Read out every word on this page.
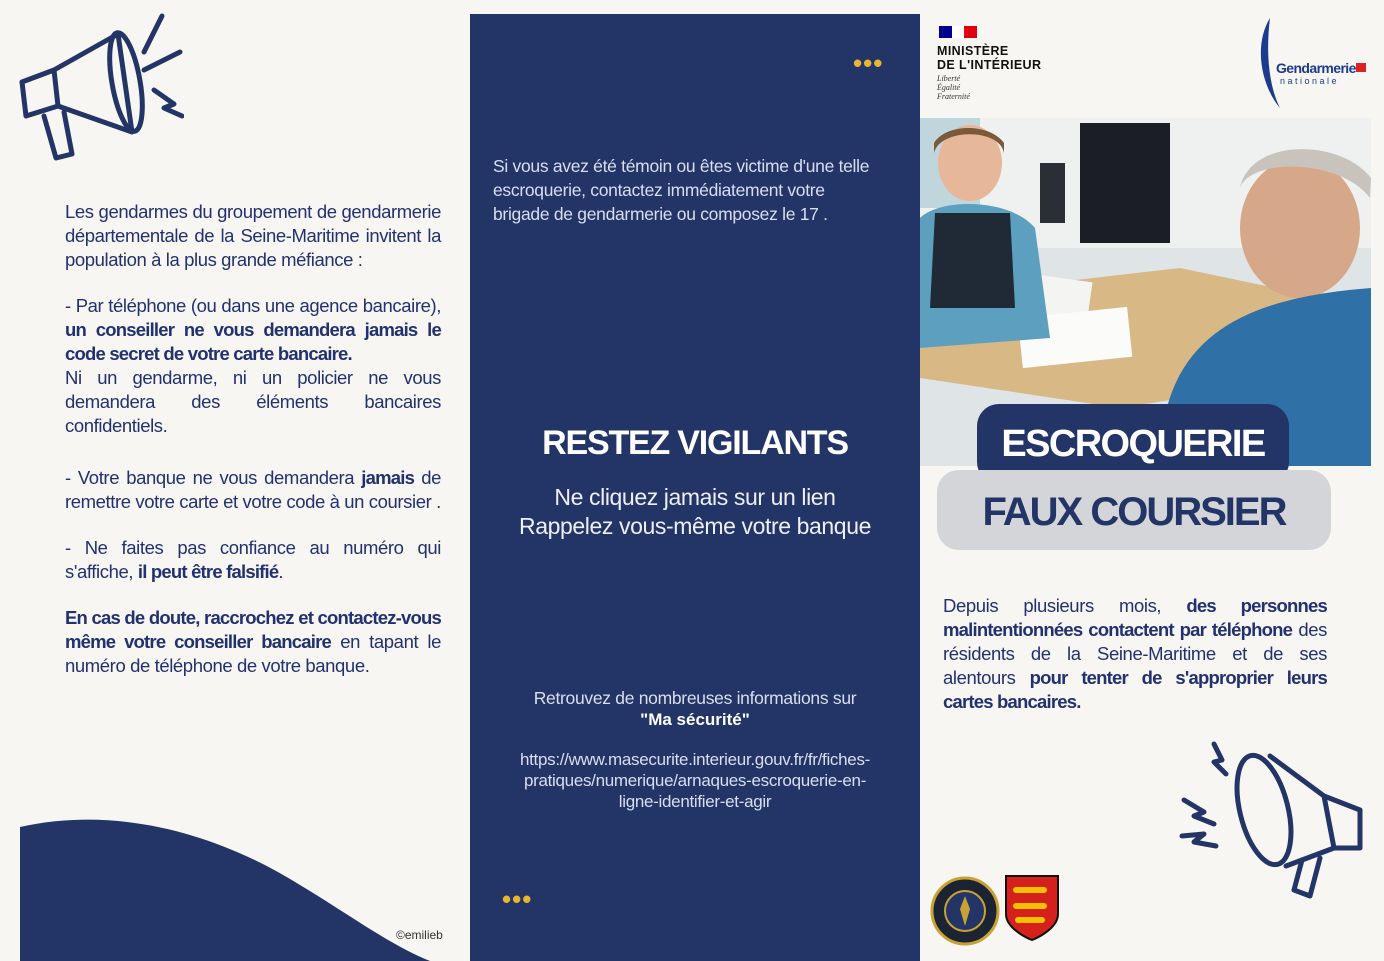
Les gendarmes du groupement de gendarmerie départementale de la Seine-Maritime invitent la population à la plus grande méfiance :

- Par téléphone (ou dans une agence bancaire), un conseiller ne vous demandera jamais le code secret de votre carte bancaire.
Ni un gendarme, ni un policier ne vous demandera des éléments bancaires confidentiels.

- Votre banque ne vous demandera jamais de remettre votre carte et votre code à un coursier .

- Ne faites pas confiance au numéro qui s'affiche, il peut être falsifié.

En cas de doute, raccrochez et contactez-vous même votre conseiller bancaire en tapant le numéro de téléphone de votre banque.

©emilieb
•••
Si vous avez été témoin ou êtes victime d'une telle escroquerie, contactez immédiatement votre brigade de gendarmerie ou composez le 17 .
RESTEZ VIGILANTS
Ne cliquez jamais sur un lien
Rappelez vous-même votre banque
Retrouvez de nombreuses informations sur
"Ma sécurité"
https://www.masecurite.interieur.gouv.fr/fr/fiches-pratiques/numerique/arnaques-escroquerie-en-ligne-identifier-et-agir
•••
MINISTÈRE
DE L'INTÉRIEUR
Liberté
Égalité
Fraternité
Gendarmerie
nationale
ESCROQUERIE
FAUX COURSIER
Depuis plusieurs mois, des personnes malintentionnées contactent par téléphone des résidents de la Seine-Maritime et de ses alentours pour tenter de s'approprier leurs cartes bancaires.
